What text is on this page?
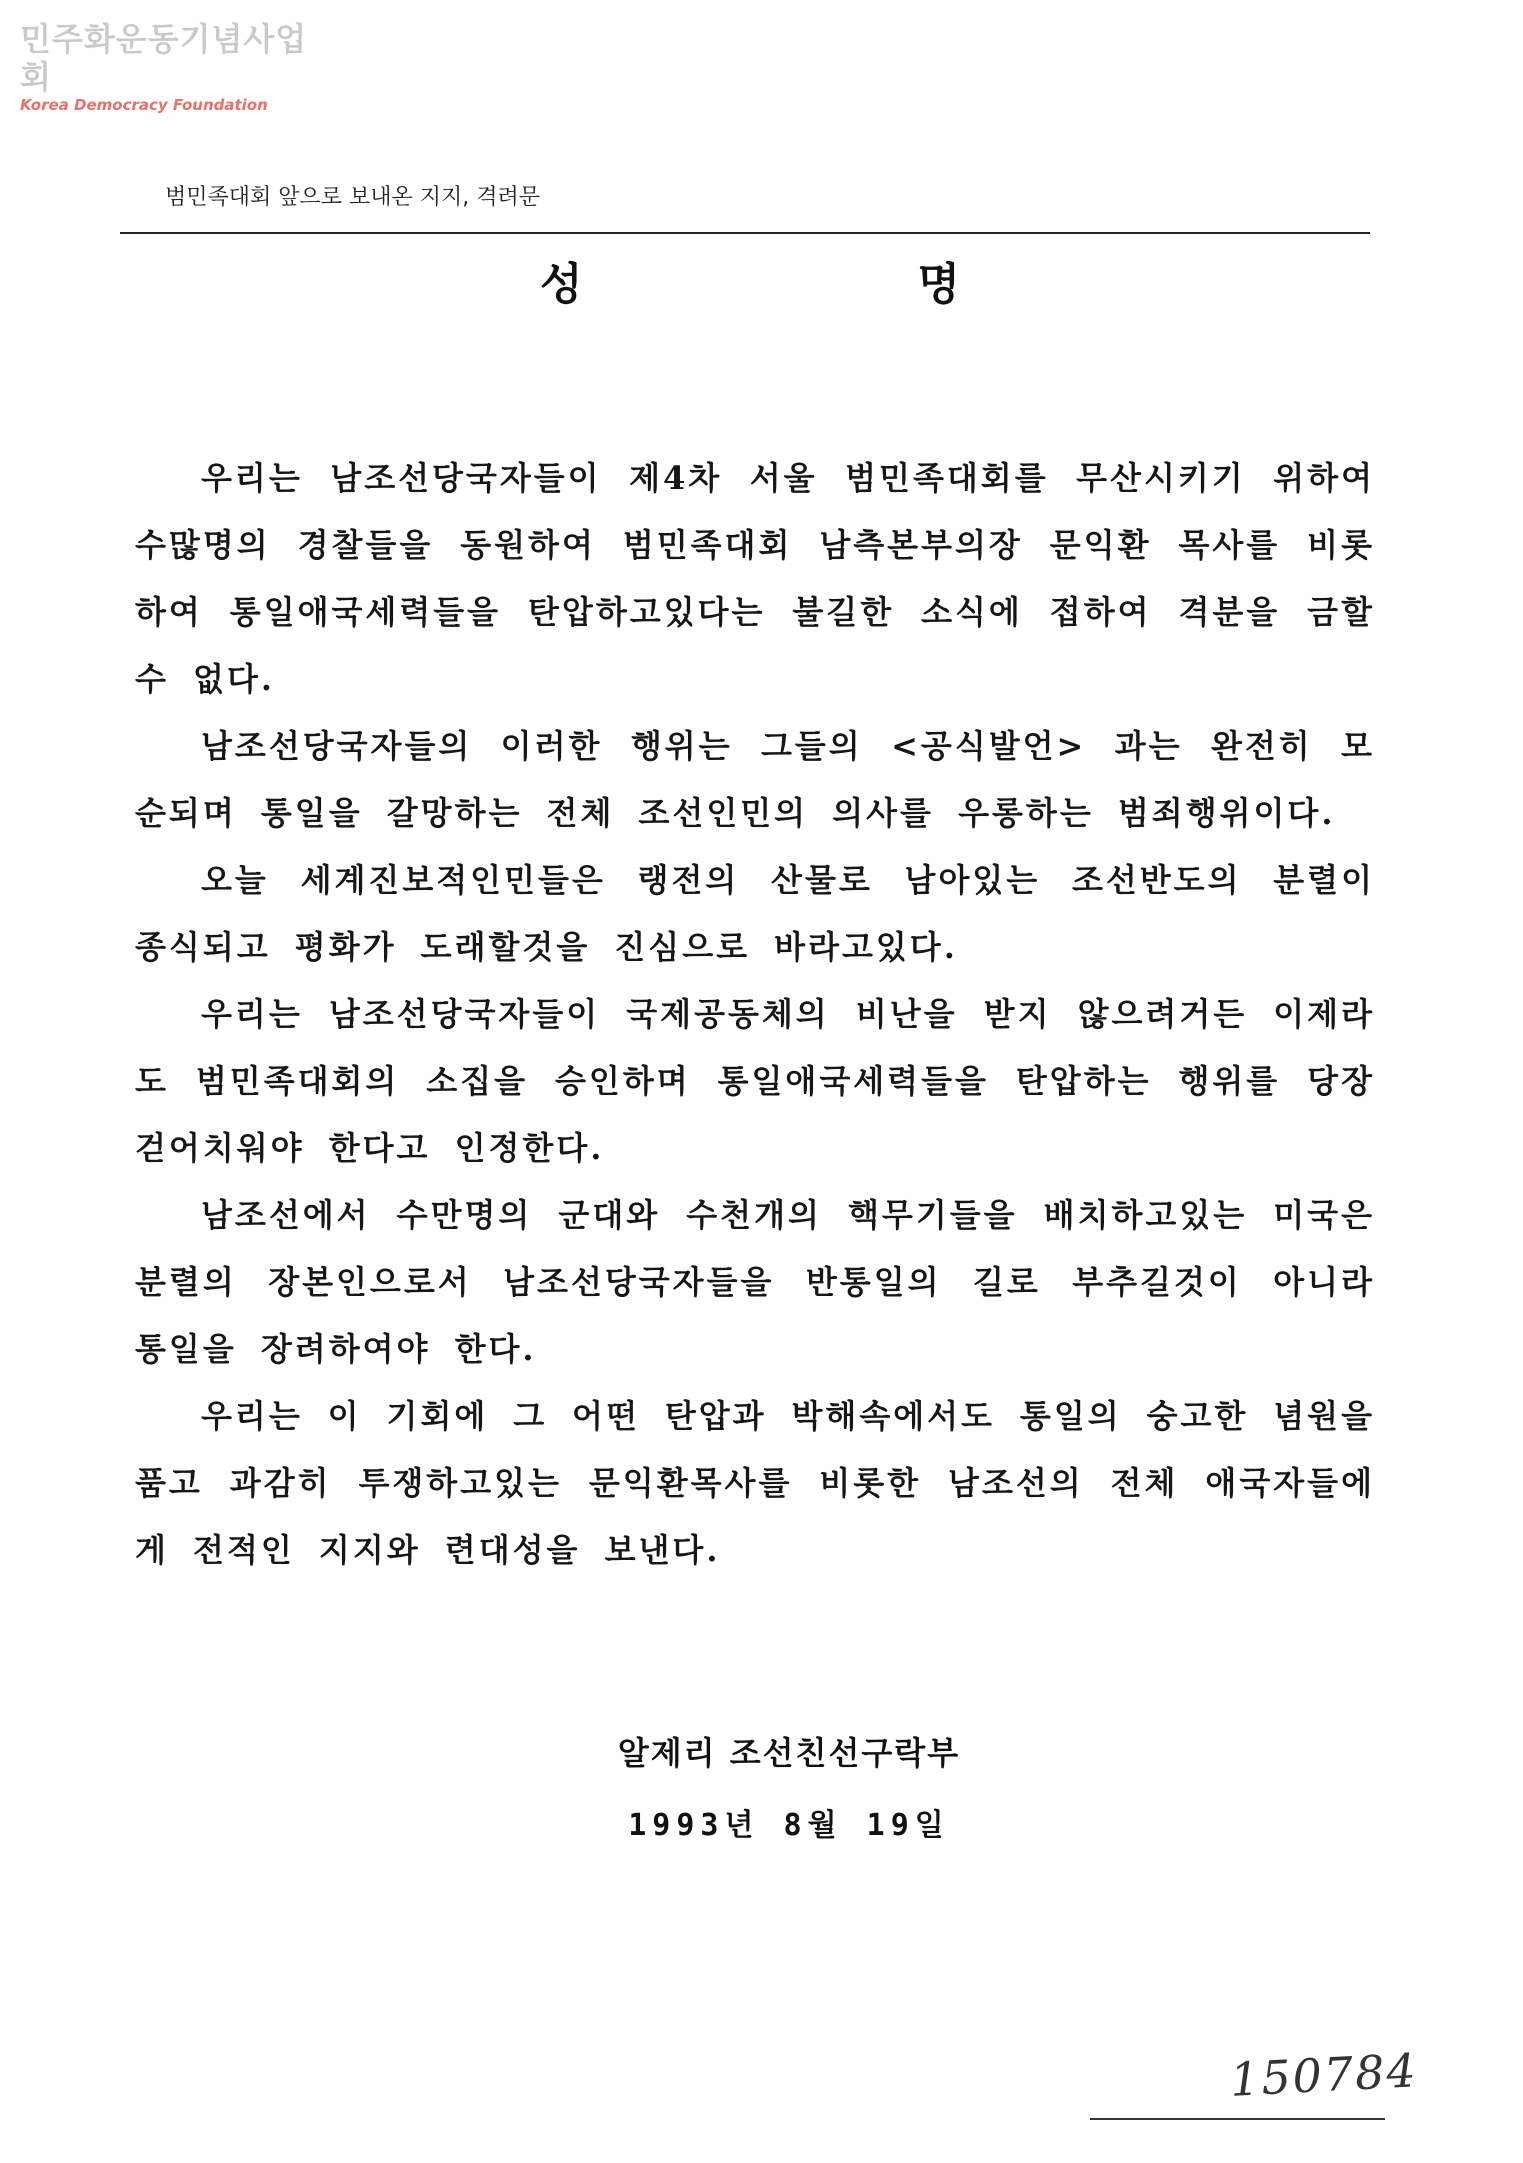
민주화운동기념사업회
Korea Democracy Foundation
범민족대회 앞으로 보내온 지지, 격려문
성	명

우리는 남조선당국자들이 제4차 서울 범민족대회를 무산시키기 위하여 수많명의 경찰들을 동원하여 범민족대회 남측본부의장 문익환 목사를 비롯하여 통일애국세력들을 탄압하고있다는 불길한 소식에 접하여 격분을 금할수 없다.

남조선당국자들의 이러한 행위는 그들의 <공식발언> 과는 완전히 모순되며 통일을 갈망하는 전체 조선인민의 의사를 우롱하는 범죄행위이다.

오늘 세계진보적인민들은 랭전의 산물로 남아있는 조선반도의 분렬이 종식되고 평화가 도래할것을 진심으로 바라고있다.

우리는 남조선당국자들이 국제공동체의 비난을 받지 않으려거든 이제라도 범민족대회의 소집을 승인하며 통일애국세력들을 탄압하는 행위를 당장 걷어치워야 한다고 인정한다.

남조선에서 수만명의 군대와 수천개의 핵무기들을 배치하고있는 미국은 분렬의 장본인으로서 남조선당국자들을 반통일의 길로 부추길것이 아니라 통일을 장려하여야 한다.

우리는 이 기회에 그 어떤 탄압과 박해속에서도 통일의 숭고한 념원을 품고 과감히 투쟁하고있는 문익환목사를 비롯한 남조선의 전체 애국자들에게 전적인 지지와 련대성을 보낸다.

알제리 조선친선구락부
1993년 8월 19일
150784
